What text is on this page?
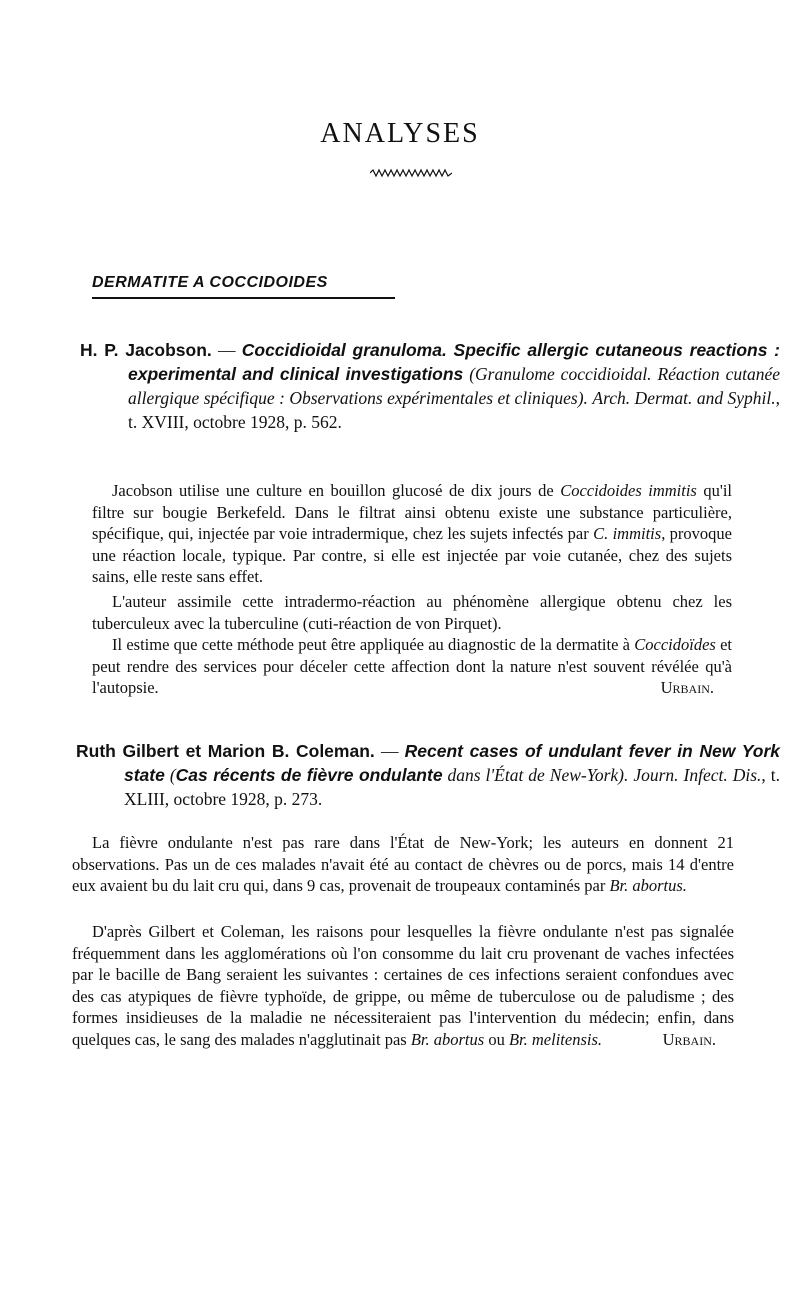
ANALYSES
DERMATITE A COCCIDOIDES
H. P. Jacobson. — Coccidioidal granuloma. Specific allergic cutaneous reactions : experimental and clinical investigations (Granulome coccidioidal. Réaction cutanée allergique spécifique : Observations expérimentales et cliniques). Arch. Dermat. and Syphil., t. XVIII, octobre 1928, p. 562.
Jacobson utilise une culture en bouillon glucosé de dix jours de Coccidoides immitis qu'il filtre sur bougie Berkefeld. Dans le filtrat ainsi obtenu existe une substance particulière, spécifique, qui, injectée par voie intradermique, chez les sujets infectés par C. immitis, provoque une réaction locale, typique. Par contre, si elle est injectée par voie cutanée, chez des sujets sains, elle reste sans effet.
L'auteur assimile cette intradermo-réaction au phénomène allergique obtenu chez les tuberculeux avec la tuberculine (cuti-réaction de von Pirquet).
Il estime que cette méthode peut être appliquée au diagnostic de la dermatite à Coccidoïdes et peut rendre des services pour déceler cette affection dont la nature n'est souvent révélée qu'à l'autopsie.	Urbain.
Ruth Gilbert et Marion B. Coleman. — Recent cases of undulant fever in New York state (Cas récents de fièvre ondulante dans l'État de New-York). Journ. Infect. Dis., t. XLIII, octobre 1928, p. 273.
La fièvre ondulante n'est pas rare dans l'État de New-York; les auteurs en donnent 21 observations. Pas un de ces malades n'avait été au contact de chèvres ou de porcs, mais 14 d'entre eux avaient bu du lait cru qui, dans 9 cas, provenait de troupeaux contaminés par Br. abortus.
D'après Gilbert et Coleman, les raisons pour lesquelles la fièvre ondulante n'est pas signalée fréquemment dans les agglomérations où l'on consomme du lait cru provenant de vaches infectées par le bacille de Bang seraient les suivantes : certaines de ces infections seraient confondues avec des cas atypiques de fièvre typhoïde, de grippe, ou même de tuberculose ou de paludisme ; des formes insidieuses de la maladie ne nécessiteraient pas l'intervention du médecin; enfin, dans quelques cas, le sang des malades n'agglutinait pas Br. abortus ou Br. melitensis.	Urbain.
